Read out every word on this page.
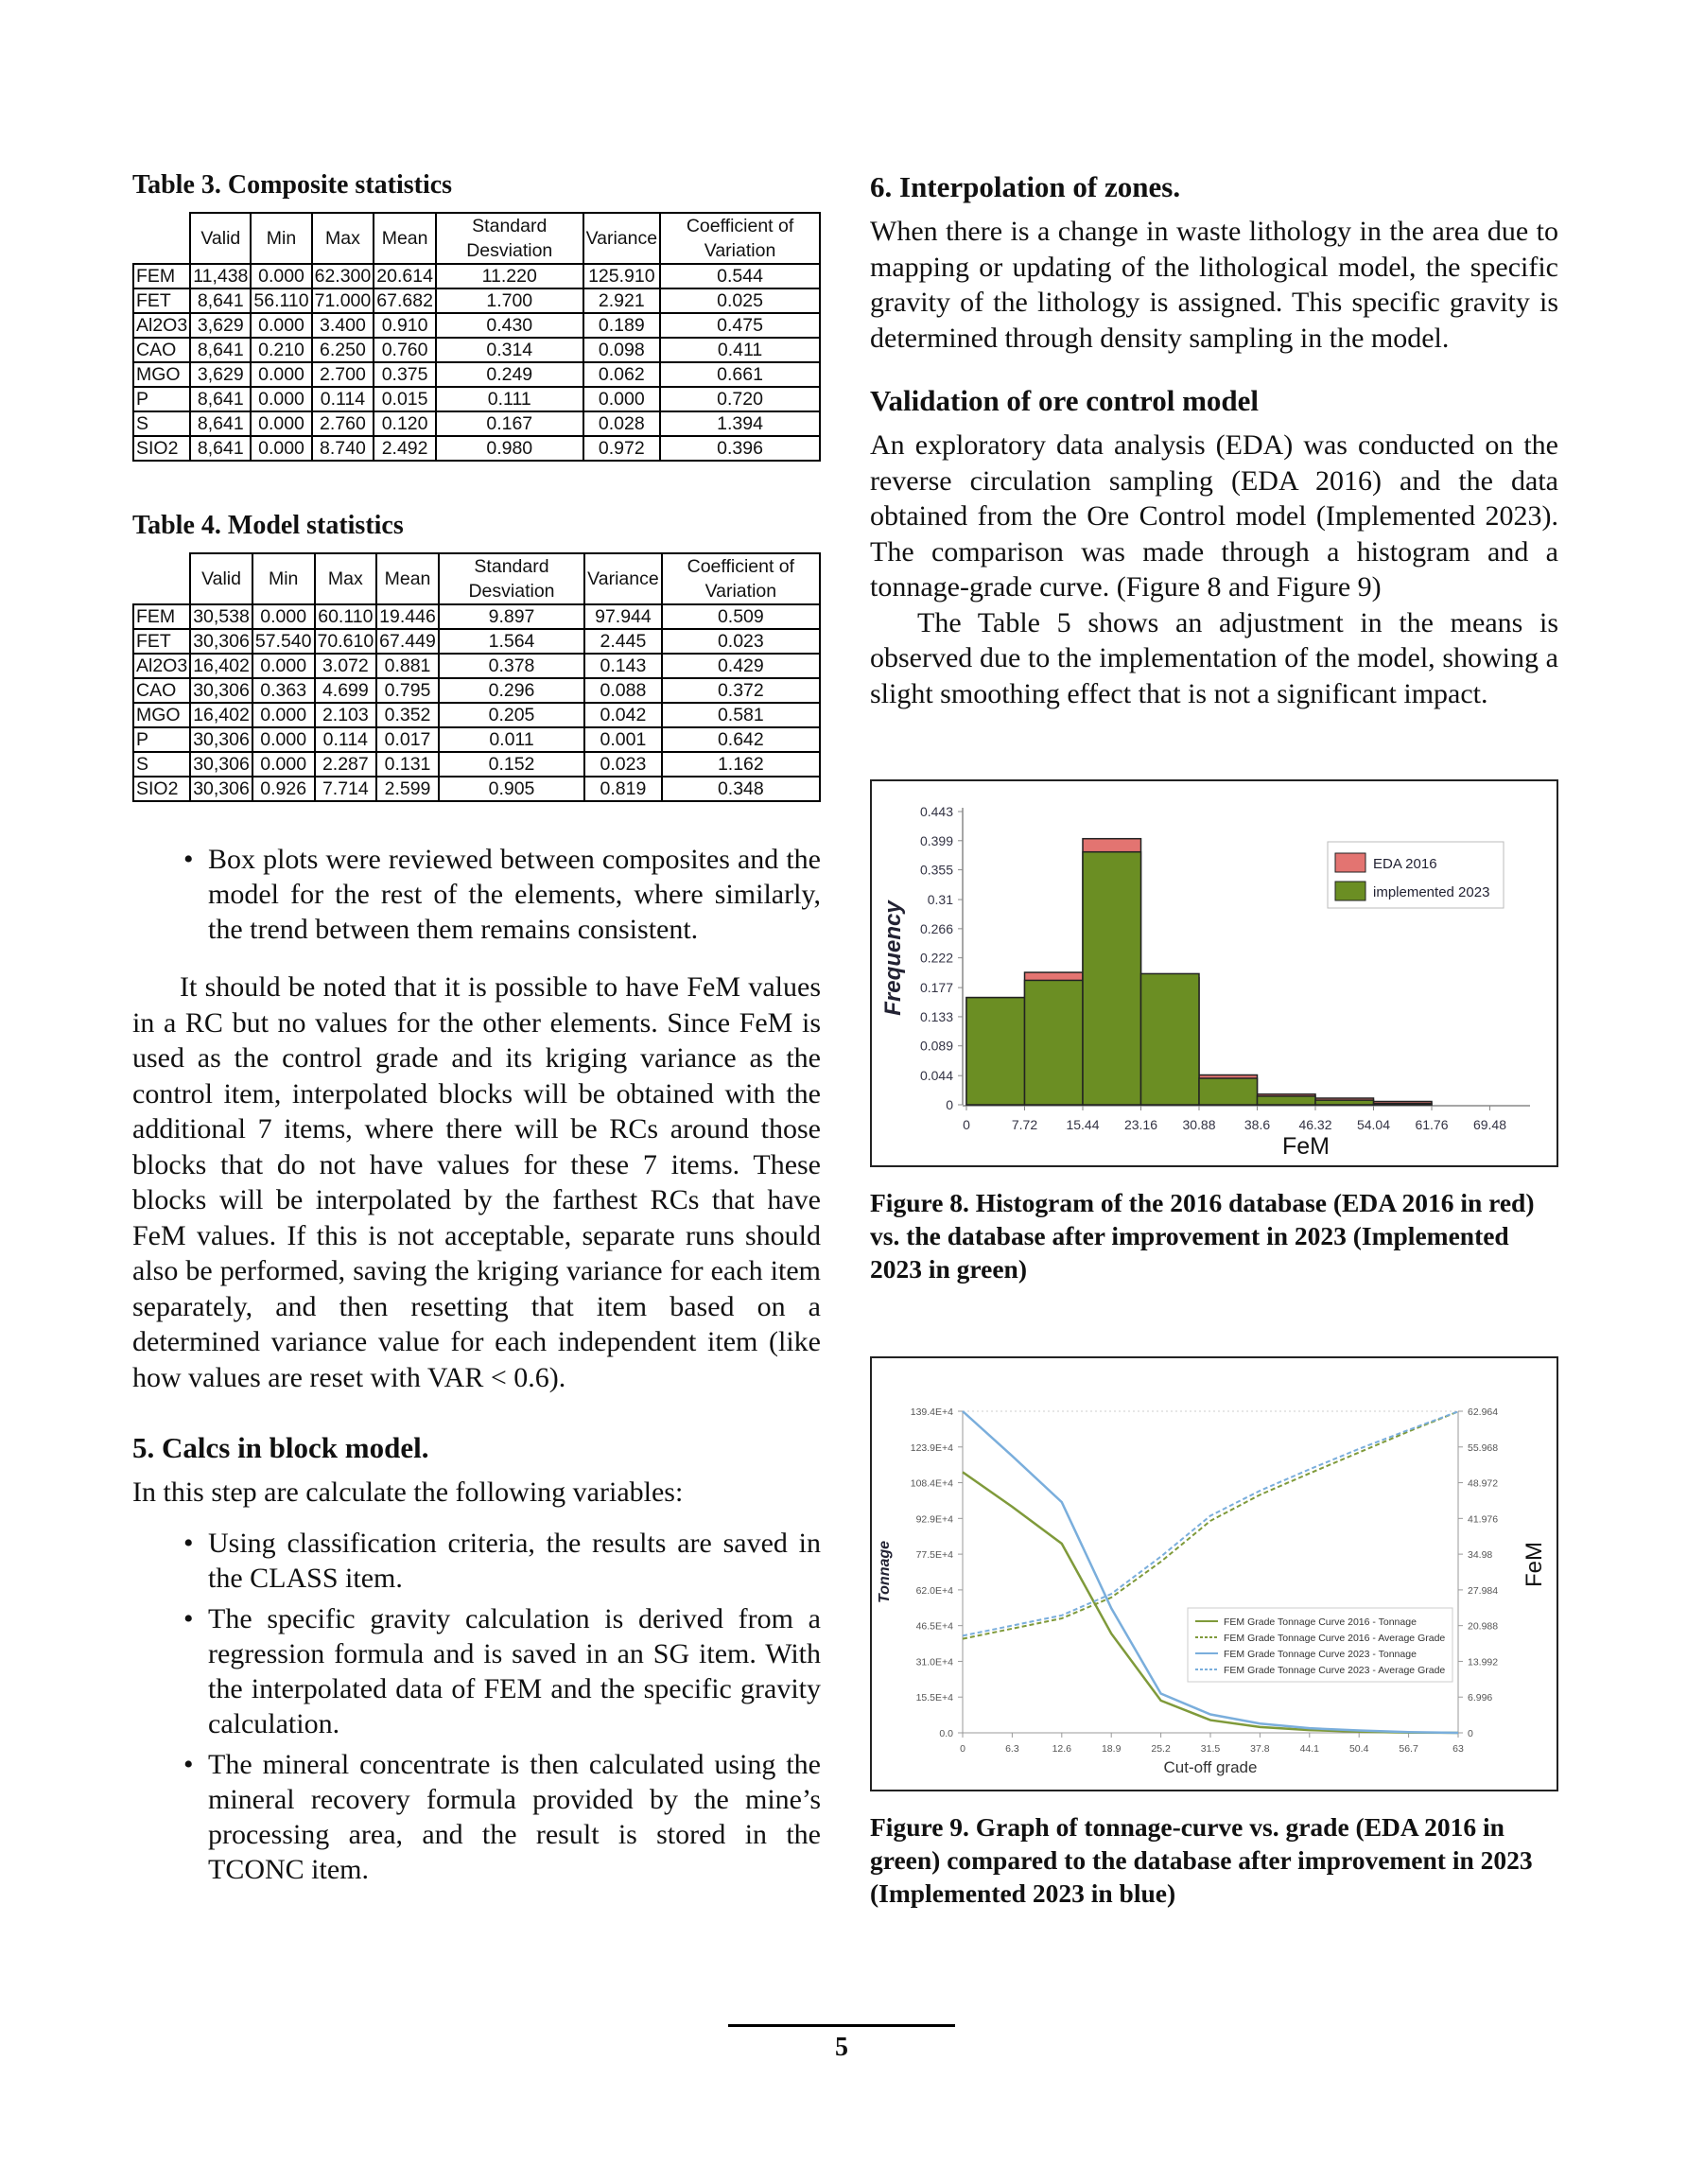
Table 3. Composite statistics
	Valid	Min	Max	Mean	Standard Desviation	Variance	Coefficient of Variation
FEM	11,438	0.000	62.300	20.614	11.220	125.910	0.544
FET	8,641	56.110	71.000	67.682	1.700	2.921	0.025
Al2O3	3,629	0.000	3.400	0.910	0.430	0.189	0.475
CAO	8,641	0.210	6.250	0.760	0.314	0.098	0.411
MGO	3,629	0.000	2.700	0.375	0.249	0.062	0.661
P	8,641	0.000	0.114	0.015	0.111	0.000	0.720
S	8,641	0.000	2.760	0.120	0.167	0.028	1.394
SIO2	8,641	0.000	8.740	2.492	0.980	0.972	0.396
Table 4. Model statistics
	Valid	Min	Max	Mean	Standard Desviation	Variance	Coefficient of Variation
FEM	30,538	0.000	60.110	19.446	9.897	97.944	0.509
FET	30,306	57.540	70.610	67.449	1.564	2.445	0.023
Al2O3	16,402	0.000	3.072	0.881	0.378	0.143	0.429
CAO	30,306	0.363	4.699	0.795	0.296	0.088	0.372
MGO	16,402	0.000	2.103	0.352	0.205	0.042	0.581
P	30,306	0.000	0.114	0.017	0.011	0.001	0.642
S	30,306	0.000	2.287	0.131	0.152	0.023	1.162
SIO2	30,306	0.926	7.714	2.599	0.905	0.819	0.348
• Box plots were reviewed between composites and the model for the rest of the elements, where similarly, the trend between them remains consistent.

It should be noted that it is possible to have FeM values in a RC but no values for the other elements. Since FeM is used as the control grade and its kriging variance as the control item, interpolated blocks will be obtained with the additional 7 items, where there will be RCs around those blocks that do not have values for these 7 items. These blocks will be interpolated by the farthest RCs that have FeM values. If this is not acceptable, separate runs should also be performed, saving the kriging variance for each item separately, and then resetting that item based on a determined variance value for each independent item (like how values are reset with VAR < 0.6).

5. Calcs in block model.

In this step are calculate the following variables:

• Using classification criteria, the results are saved in the CLASS item.
• The specific gravity calculation is derived from a regression formula and is saved in an SG item. With the interpolated data of FEM and the specific gravity calculation.
• The mineral concentrate is then calculated using the mineral recovery formula provided by the mine’s processing area, and the result is stored in the TCONC item.
6. Interpolation of zones.

When there is a change in waste lithology in the area due to mapping or updating of the lithological model, the specific gravity of the lithology is assigned. This specific gravity is determined through density sampling in the model.

Validation of ore control model

An exploratory data analysis (EDA) was conducted on the reverse circulation sampling (EDA 2016) and the data obtained from the Ore Control model (Implemented 2023). The comparison was made through a histogram and a tonnage-grade curve. (Figure 8 and Figure 9)

The Table 5 shows an adjustment in the means is observed due to the implementation of the model, showing a slight smoothing effect that is not a significant impact.

0
0.044
0.089
0.133
0.177
0.222
0.266
0.31
0.355
0.399
0.443
0	7.72 15.44 23.16 30.88 38.6 46.32 54.04 61.76 69.48
FeM
Frequency
EDA 2016
implemented 2023

Figure 8. Histogram of the 2016 database (EDA 2016 in red) vs. the database after improvement in 2023 (Implemented 2023 in green)

0.0
15.5E+4
31.0E+4
46.5E+4
62.0E+4
77.5E+4
92.9E+4
108.4E+4
123.9E+4
139.4E+4
0
6.996
13.992
20.988
27.984
34.98
41.976
48.972
55.968
62.964
0	6.3	12.6	18.9	25.2	31.5	37.8	44.1	50.4	56.7	63
Cut-off grade
Tonnage	FeM
FEM Grade Tonnage Curve 2016 - Tonnage
FEM Grade Tonnage Curve 2016 - Average Grade
FEM Grade Tonnage Curve 2023 - Tonnage
FEM Grade Tonnage Curve 2023 - Average Grade

Figure 9. Graph of tonnage-curve vs. grade (EDA 2016 in green) compared to the database after improvement in 2023 (Implemented 2023 in blue)

5
